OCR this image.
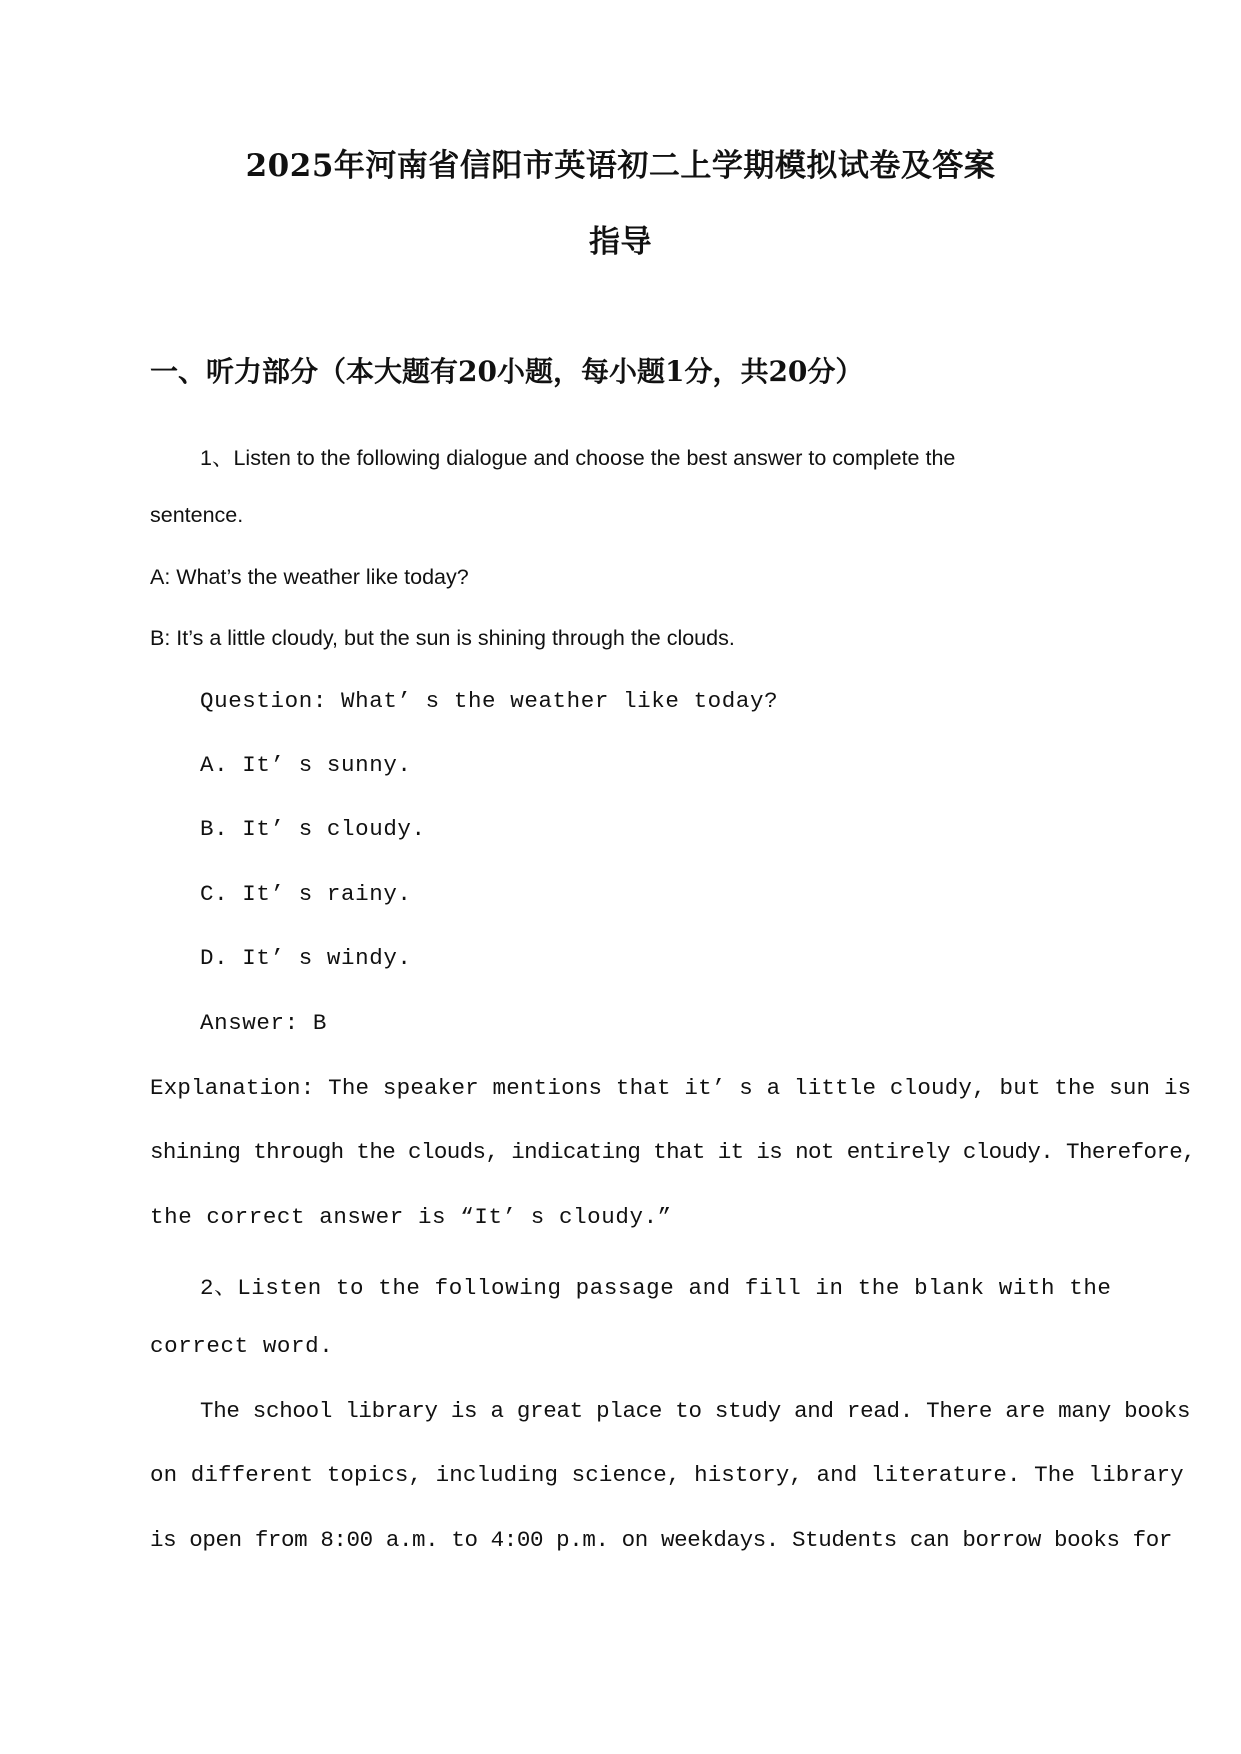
2025年河南省信阳市英语初二上学期模拟试卷及答案
指导
一、听力部分（本大题有20小题，每小题1分，共20分）
1、Listen to the following dialogue and choose the best answer to complete the
sentence.
A: What’s the weather like today?
B: It’s a little cloudy, but the sun is shining through the clouds.
Question: What’ s the weather like today?
A. It’ s sunny.
B. It’ s cloudy.
C. It’ s rainy.
D. It’ s windy.
Answer: B
Explanation: The speaker mentions that it’ s a little cloudy, but the sun is
shining through the clouds, indicating that it is not entirely cloudy. Therefore,
the correct answer is “It’ s cloudy.”
2、Listen to the following passage and fill in the blank with the
correct word.
The school library is a great place to study and read. There are many books
on different topics, including science, history, and literature. The library
is open from 8:00 a.m. to 4:00 p.m. on weekdays. Students can borrow books for
